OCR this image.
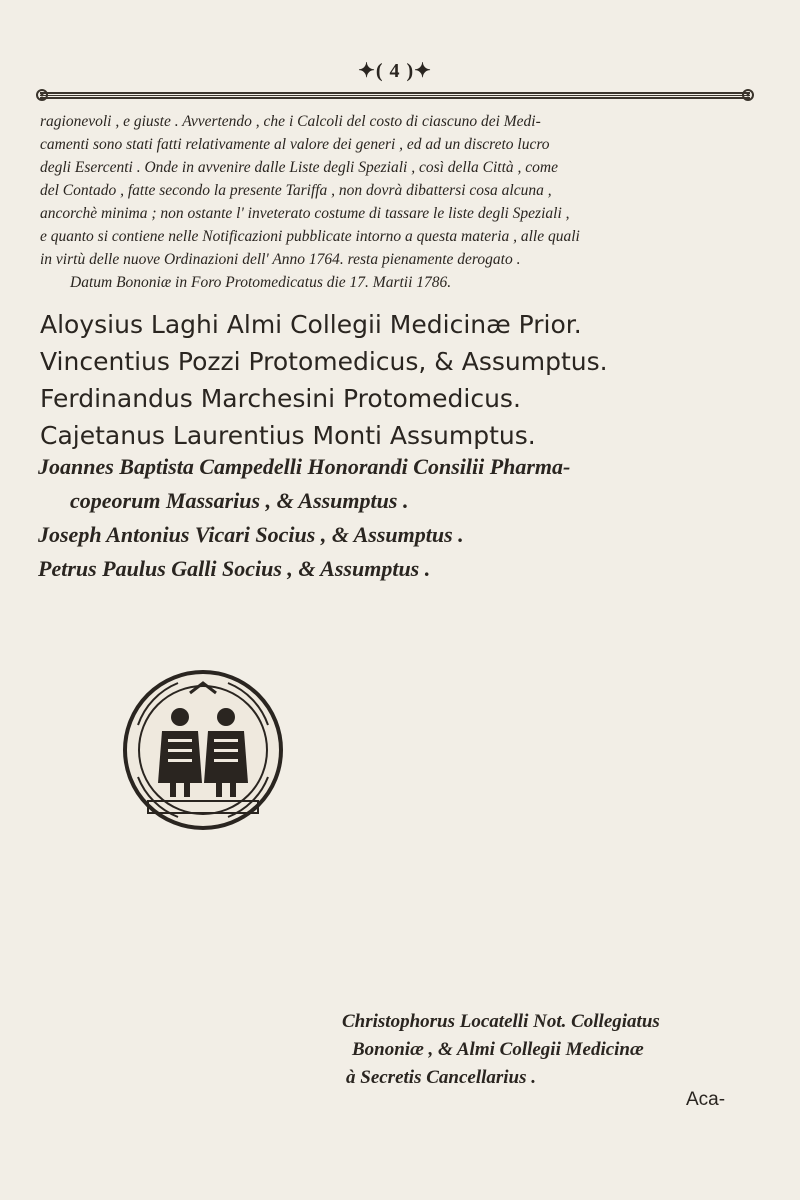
✦( 4 )✦
ragionevoli , e giuste . Avvertendo , che i Calcoli del costo di ciascuno dei Medi-
camenti sono stati fatti relativamente al valore dei generi , ed ad un discreto lucro
degli Esercenti . Onde in avvenire dalle Liste degli Speziali , così della Città , come
del Contado , fatte secondo la presente Tariffa , non dovrà dibattersi cosa alcuna ,
ancorchè minima ; non ostante l' inveterato costume di tassare le liste degli Speziali ,
e quanto si contiene nelle Notificazioni pubblicate intorno a questa materia , alle quali
in virtù delle nuove Ordinazioni dell' Anno 1764. resta pienamente derogato .
Datum Bononiæ in Foro Protomedicatus die 17. Martii 1786.
Aloysius Laghi Almi Collegii Medicinæ Prior.
Vincentius Pozzi Protomedicus, & Assumptus.
Ferdinandus Marchesini Protomedicus.
Cajetanus Laurentius Monti Assumptus.
Joannes Baptista Campedelli Honorandi Consilii Pharma-
copeorum Massarius , & Assumptus .
Joseph Antonius Vicari Socius , & Assumptus .
Petrus Paulus Galli Socius , & Assumptus .
Christophorus Locatelli Not. Collegiatus
Bononiæ , & Almi Collegii Medicinæ
à Secretis Cancellarius .
Aca-
